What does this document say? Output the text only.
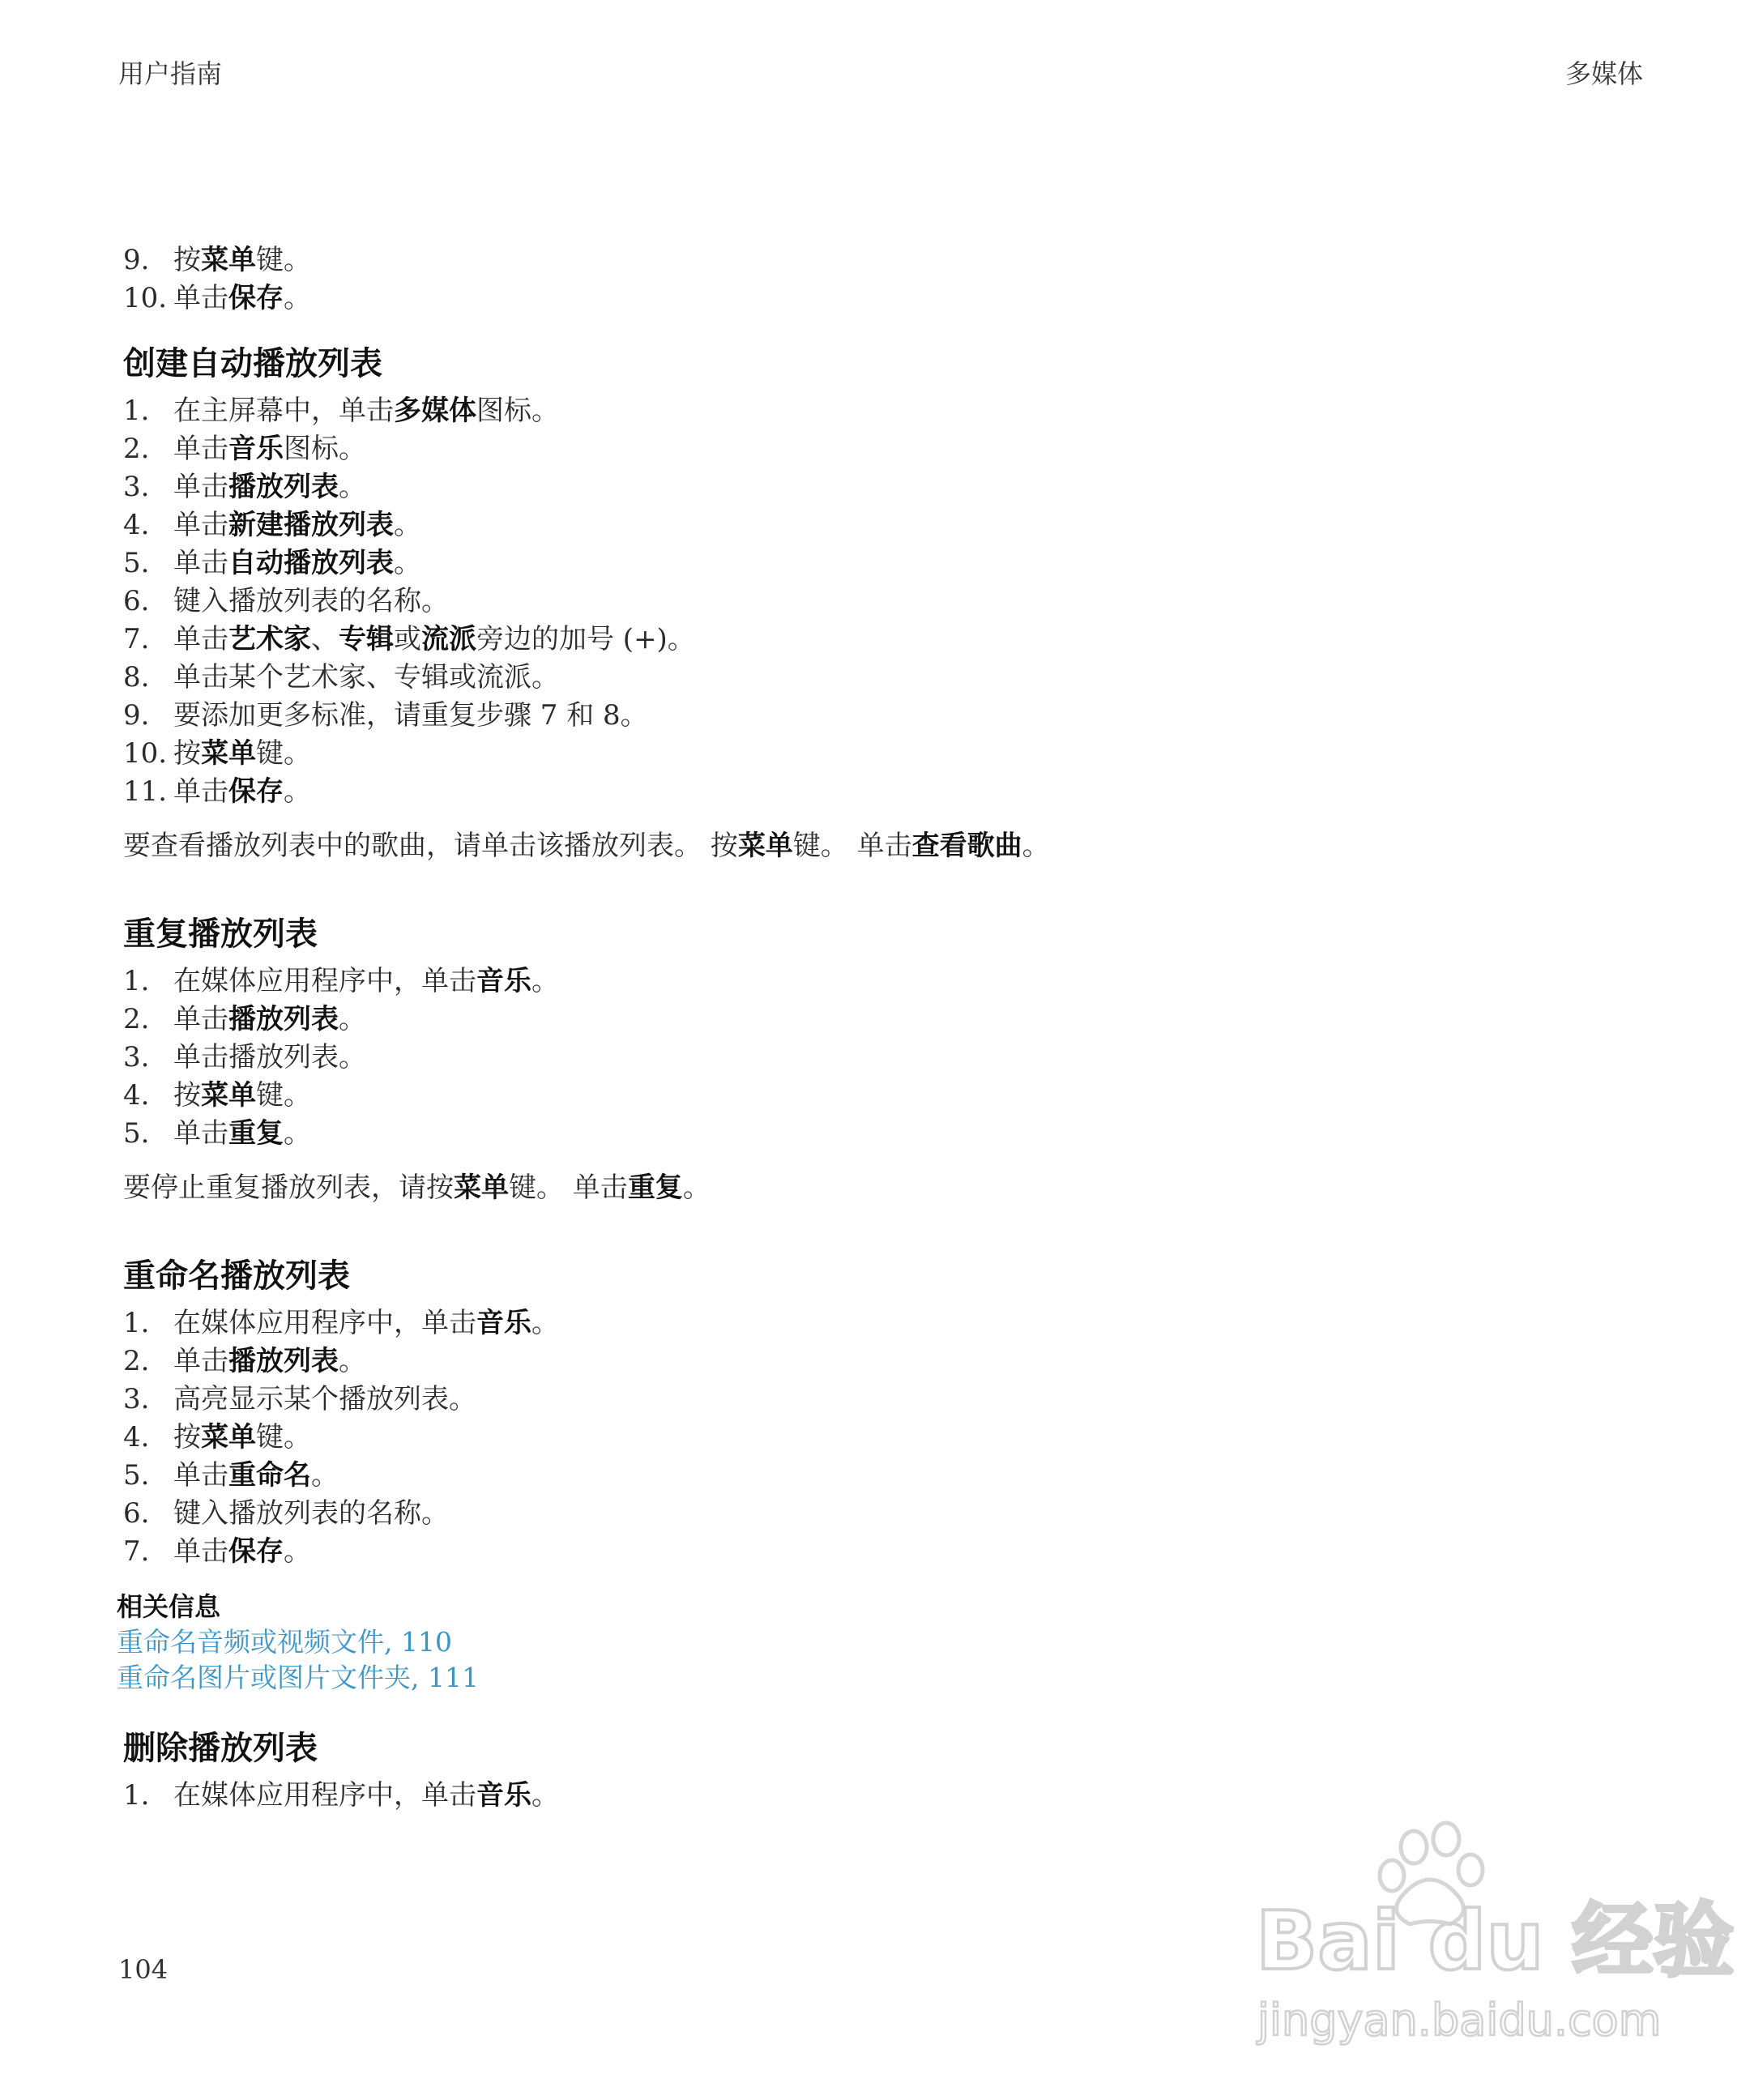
用户指南	多媒体
9. 按菜单键。
10. 单击保存。
创建自动播放列表
1. 在主屏幕中，单击多媒体图标。
2. 单击音乐图标。
3. 单击播放列表。
4. 单击新建播放列表。
5. 单击自动播放列表。
6. 键入播放列表的名称。
7. 单击艺术家、专辑或流派旁边的加号 (+)。
8. 单击某个艺术家、专辑或流派。
9. 要添加更多标准，请重复步骤 7 和 8。
10. 按菜单键。
11. 单击保存。
要查看播放列表中的歌曲，请单击该播放列表。 按菜单键。 单击查看歌曲。
重复播放列表
1. 在媒体应用程序中，单击音乐。
2. 单击播放列表。
3. 单击播放列表。
4. 按菜单键。
5. 单击重复。
要停止重复播放列表，请按菜单键。 单击重复。
重命名播放列表
1. 在媒体应用程序中，单击音乐。
2. 单击播放列表。
3. 高亮显示某个播放列表。
4. 按菜单键。
5. 单击重命名。
6. 键入播放列表的名称。
7. 单击保存。
相关信息
重命名音频或视频文件, 110
重命名图片或图片文件夹, 111
删除播放列表
1. 在媒体应用程序中，单击音乐。
104	Bai du 经验
jingyan.baidu.com
